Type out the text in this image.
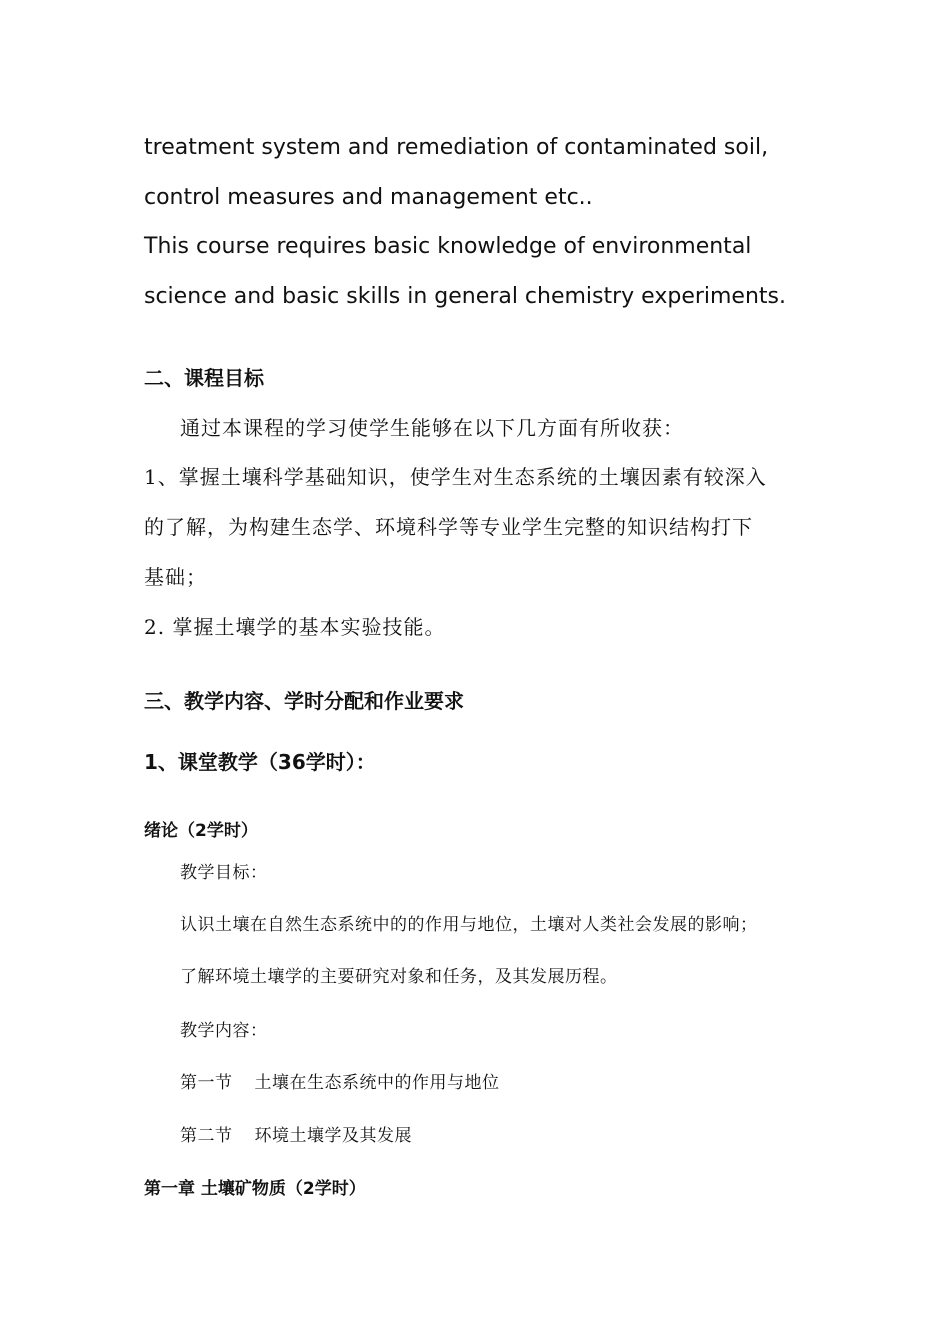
treatment system and remediation of contaminated soil,
control measures and management etc..
This course requires basic knowledge of environmental
science and basic skills in general chemistry experiments.
二、课程目标
通过本课程的学习使学生能够在以下几方面有所收获：
1、掌握土壤科学基础知识，使学生对生态系统的土壤因素有较深入
的了解，为构建生态学、环境科学等专业学生完整的知识结构打下
基础；
2. 掌握土壤学的基本实验技能。
三、教学内容、学时分配和作业要求
1、课堂教学（36学时）：
绪论（2学时）
教学目标：
认识土壤在自然生态系统中的的作用与地位，土壤对人类社会发展的影响；
了解环境土壤学的主要研究对象和任务，及其发展历程。
教学内容：
第一节 土壤在生态系统中的作用与地位
第二节 环境土壤学及其发展
第一章 土壤矿物质（2学时）
